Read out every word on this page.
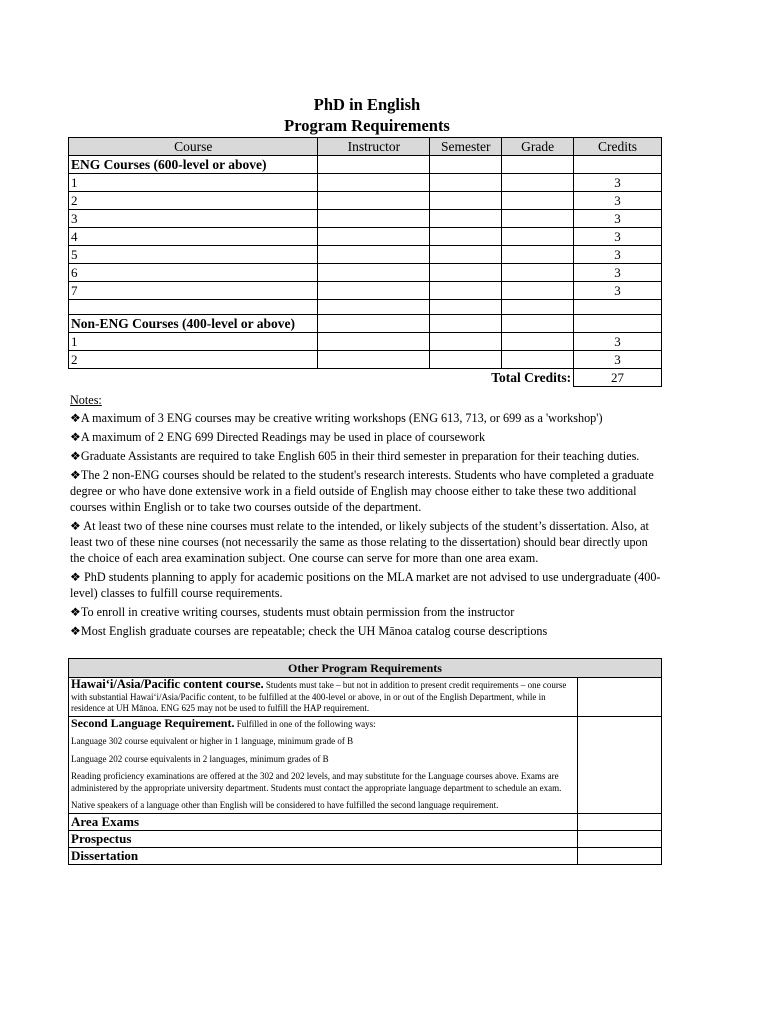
PhD in English
Program Requirements
Course	Instructor	Semester	Grade	Credits
ENG Courses (600-level or above)				
1				3
2				3
3				3
4				3
5				3
6				3
7				3

Non-ENG Courses (400-level or above)				
1				3
2				3
Total Credits:				27
Notes:

❖A maximum of 3 ENG courses may be creative writing workshops (ENG 613, 713, or 699 as a 'workshop')

❖A maximum of 2 ENG 699 Directed Readings may be used in place of coursework

❖Graduate Assistants are required to take English 605 in their third semester in preparation for their teaching duties.

❖The 2 non-ENG courses should be related to the student's research interests. Students who have completed a graduate degree or who have done extensive work in a field outside of English may choose either to take these two additional courses within English or to take two courses outside of the department.

❖ At least two of these nine courses must relate to the intended, or likely subjects of the student’s dissertation. Also, at least two of these nine courses (not necessarily the same as those relating to the dissertation) should bear directly upon the choice of each area examination subject. One course can serve for more than one area exam.

❖ PhD students planning to apply for academic positions on the MLA market are not advised to use undergraduate (400-level) classes to fulfill course requirements.

❖To enroll in creative writing courses, students must obtain permission from the instructor

❖Most English graduate courses are repeatable; check the UH Mānoa catalog course descriptions

Other Program Requirements	
Hawai‘i/Asia/Pacific content course. Students must take – but not in addition to present credit requirements – one course with substantial Hawai‘i/Asia/Pacific content, to be fulfilled at the 400-level or above, in or out of the English Department, while in residence at UH Mānoa. ENG 625 may not be used to fulfill the HAP requirement.	

Second Language Requirement. Fulfilled in one of the following ways:

Language 302 course equivalent or higher in 1 language, minimum grade of B

Language 202 course equivalents in 2 languages, minimum grades of B

Reading proficiency examinations are offered at the 302 and 202 levels, and may substitute for the Language courses above. Exams are administered by the appropriate university department. Students must contact the appropriate language department to schedule an exam.

Native speakers of a language other than English will be considered to have fulfilled the second language requirement.	

Area Exams	
Prospectus	
Dissertation	
